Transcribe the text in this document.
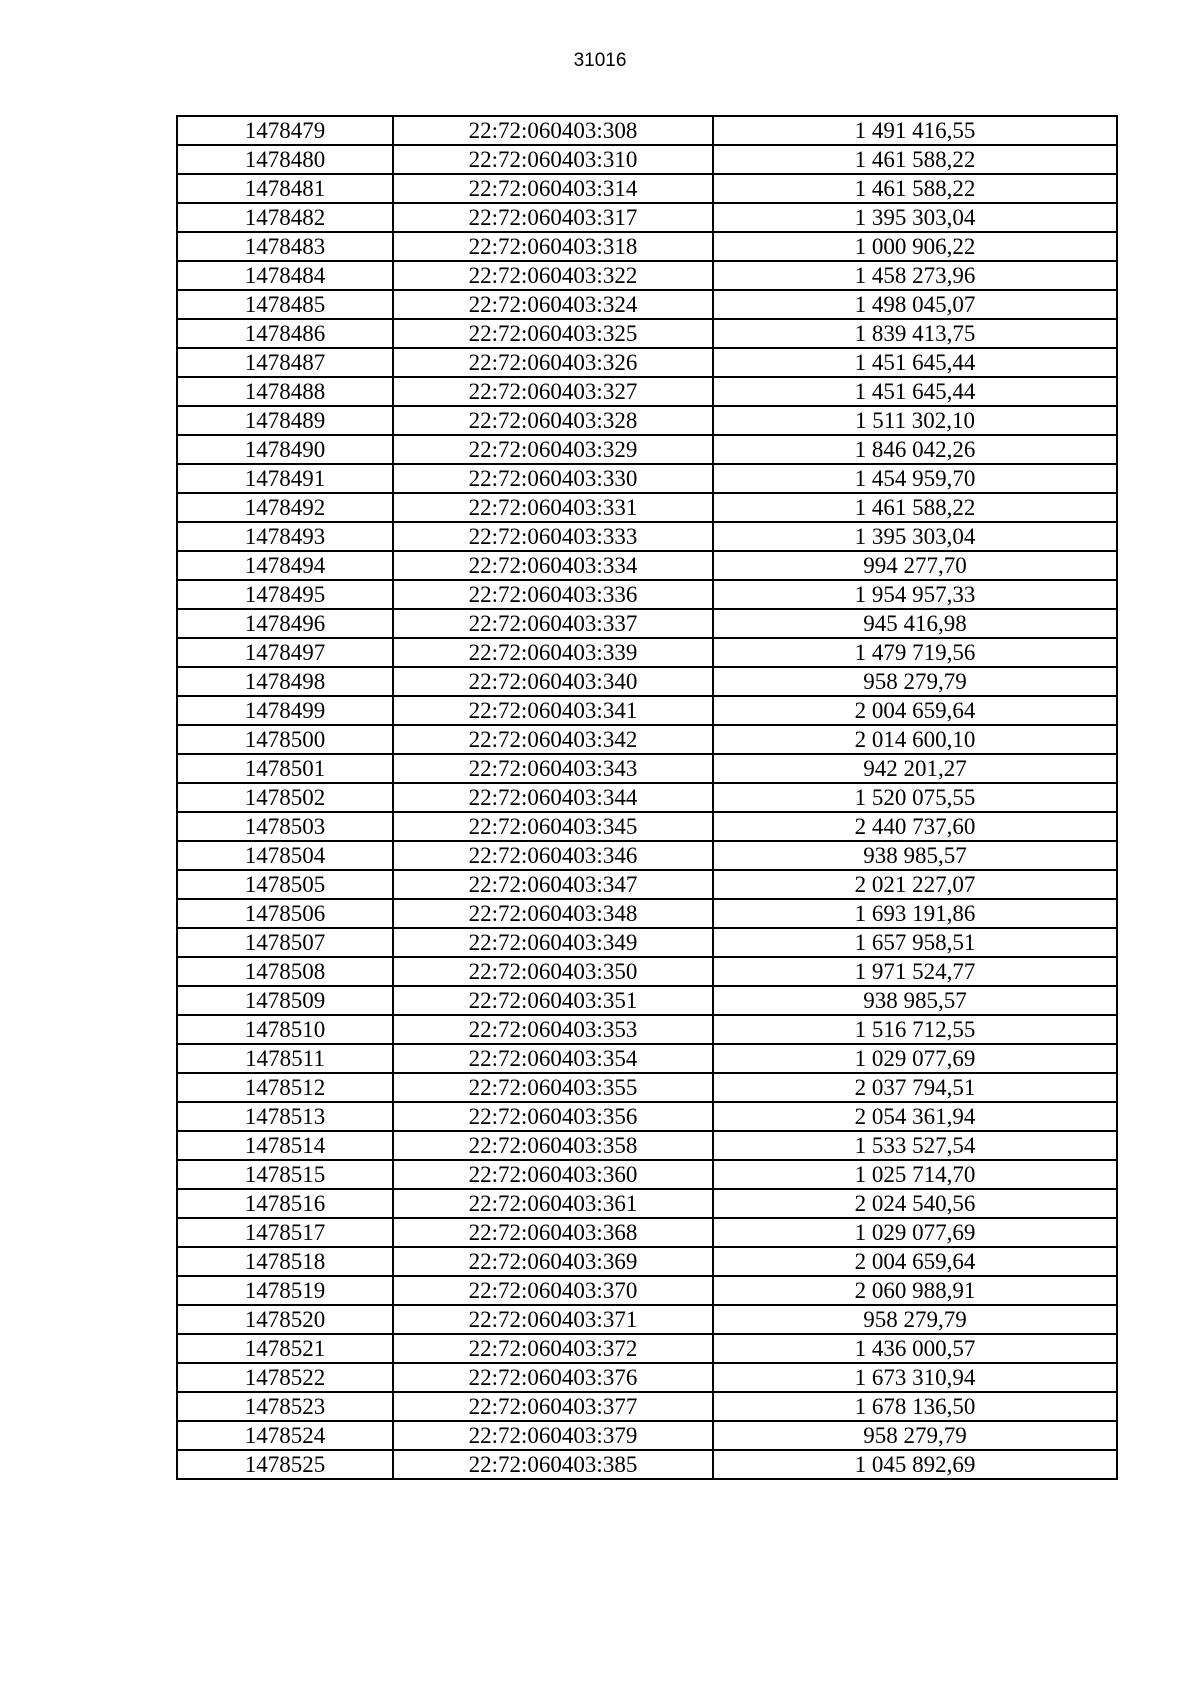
31016
1478479	22:72:060403:308	1 491 416,55
1478480	22:72:060403:310	1 461 588,22
1478481	22:72:060403:314	1 461 588,22
1478482	22:72:060403:317	1 395 303,04
1478483	22:72:060403:318	1 000 906,22
1478484	22:72:060403:322	1 458 273,96
1478485	22:72:060403:324	1 498 045,07
1478486	22:72:060403:325	1 839 413,75
1478487	22:72:060403:326	1 451 645,44
1478488	22:72:060403:327	1 451 645,44
1478489	22:72:060403:328	1 511 302,10
1478490	22:72:060403:329	1 846 042,26
1478491	22:72:060403:330	1 454 959,70
1478492	22:72:060403:331	1 461 588,22
1478493	22:72:060403:333	1 395 303,04
1478494	22:72:060403:334	994 277,70
1478495	22:72:060403:336	1 954 957,33
1478496	22:72:060403:337	945 416,98
1478497	22:72:060403:339	1 479 719,56
1478498	22:72:060403:340	958 279,79
1478499	22:72:060403:341	2 004 659,64
1478500	22:72:060403:342	2 014 600,10
1478501	22:72:060403:343	942 201,27
1478502	22:72:060403:344	1 520 075,55
1478503	22:72:060403:345	2 440 737,60
1478504	22:72:060403:346	938 985,57
1478505	22:72:060403:347	2 021 227,07
1478506	22:72:060403:348	1 693 191,86
1478507	22:72:060403:349	1 657 958,51
1478508	22:72:060403:350	1 971 524,77
1478509	22:72:060403:351	938 985,57
1478510	22:72:060403:353	1 516 712,55
1478511	22:72:060403:354	1 029 077,69
1478512	22:72:060403:355	2 037 794,51
1478513	22:72:060403:356	2 054 361,94
1478514	22:72:060403:358	1 533 527,54
1478515	22:72:060403:360	1 025 714,70
1478516	22:72:060403:361	2 024 540,56
1478517	22:72:060403:368	1 029 077,69
1478518	22:72:060403:369	2 004 659,64
1478519	22:72:060403:370	2 060 988,91
1478520	22:72:060403:371	958 279,79
1478521	22:72:060403:372	1 436 000,57
1478522	22:72:060403:376	1 673 310,94
1478523	22:72:060403:377	1 678 136,50
1478524	22:72:060403:379	958 279,79
1478525	22:72:060403:385	1 045 892,69
